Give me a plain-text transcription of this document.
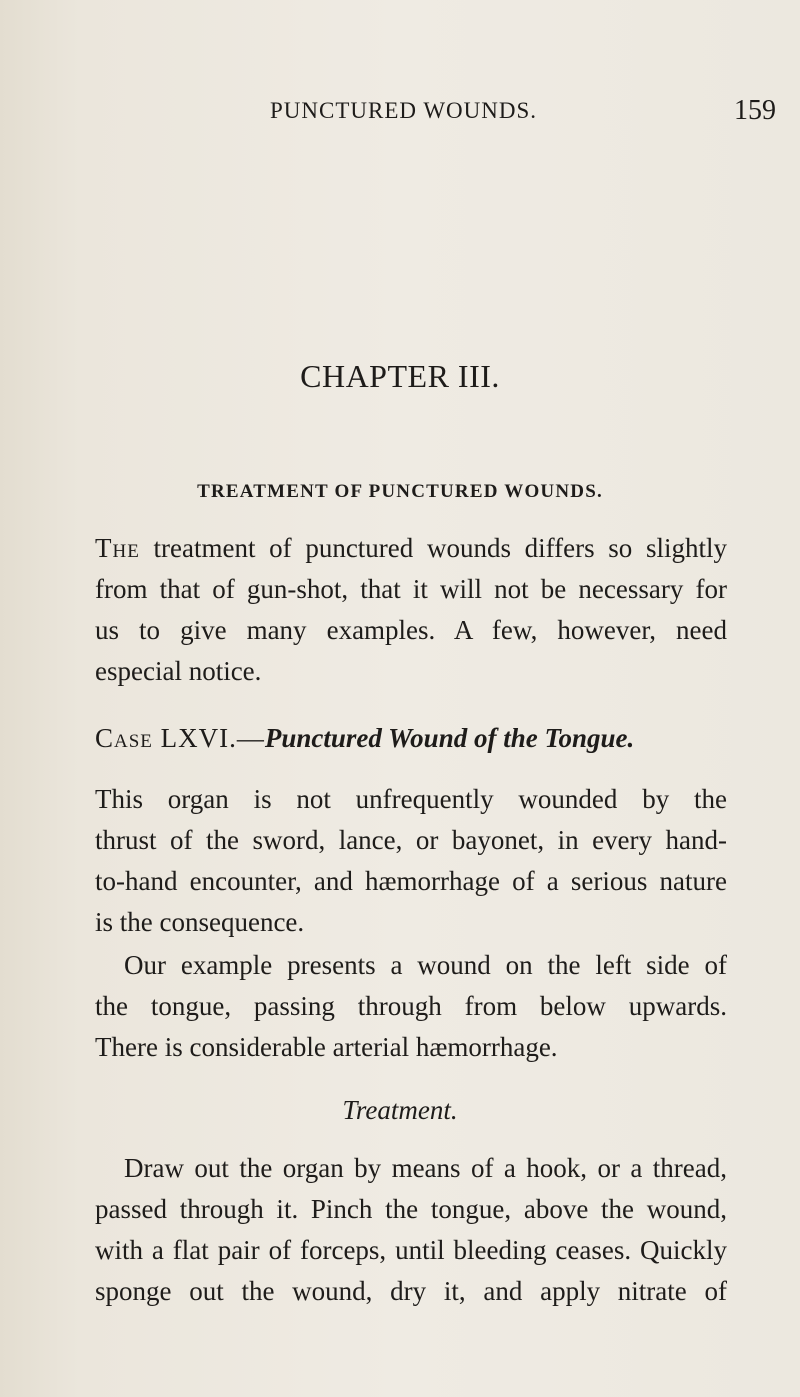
PUNCTURED WOUNDS.	159
CHAPTER III.
TREATMENT OF PUNCTURED WOUNDS.
The treatment of punctured wounds differs so slightly
from that of gun-shot, that it will not be necessary for
us to give many examples. A few, however, need
especial notice.
Case LXVI.—Punctured Wound of the Tongue.
This organ is not unfrequently wounded by the
thrust of the sword, lance, or bayonet, in every hand-
to-hand encounter, and hæmorrhage of a serious nature
is the consequence.
Our example presents a wound on the left side of
the tongue, passing through from below upwards.
There is considerable arterial hæmorrhage.
Treatment.
Draw out the organ by means of a hook, or a thread,
passed through it. Pinch the tongue, above the wound,
with a flat pair of forceps, until bleeding ceases. Quickly
sponge out the wound, dry it, and apply nitrate of
